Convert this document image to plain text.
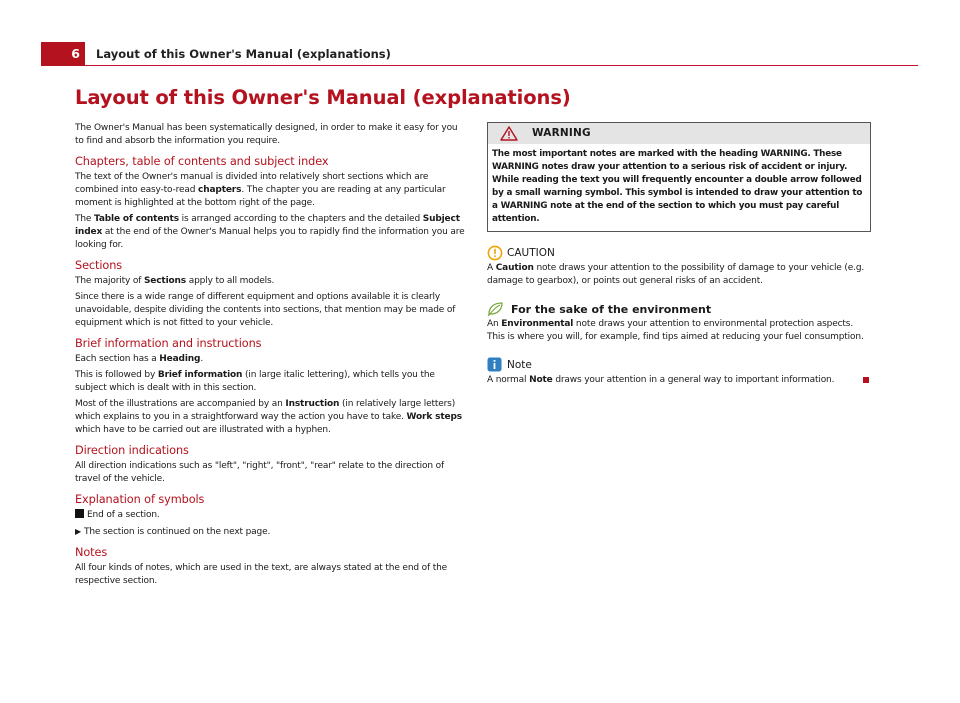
6	Layout of this Owner's Manual (explanations)
Layout of this Owner's Manual (explanations)

The Owner's Manual has been systematically designed, in order to make it easy for you to find and absorb the information you require.

Chapters, table of contents and subject index

The text of the Owner's manual is divided into relatively short sections which are combined into easy-to-read chapters. The chapter you are reading at any particular moment is highlighted at the bottom right of the page.

The Table of contents is arranged according to the chapters and the detailed Subject index at the end of the Owner's Manual helps you to rapidly find the information you are looking for.

Sections

The majority of Sections apply to all models.

Since there is a wide range of different equipment and options available it is clearly unavoidable, despite dividing the contents into sections, that mention may be made of equipment which is not fitted to your vehicle.

Brief information and instructions

Each section has a Heading.

This is followed by Brief information (in large italic lettering), which tells you the subject which is dealt with in this section.

Most of the illustrations are accompanied by an Instruction (in relatively large letters) which explains to you in a straightforward way the action you have to take. Work steps which have to be carried out are illustrated with a hyphen.

Direction indications

All direction indications such as "left", "right", "front", "rear" relate to the direction of travel of the vehicle.

Explanation of symbols

End of a section.

▶ The section is continued on the next page.

Notes

All four kinds of notes, which are used in the text, are always stated at the end of the respective section.

WARNING

The most important notes are marked with the heading WARNING. These WARNING notes draw your attention to a serious risk of accident or injury. While reading the text you will frequently encounter a double arrow followed by a small warning symbol. This symbol is intended to draw your attention to a WARNING note at the end of the section to which you must pay careful attention.

CAUTION

A Caution note draws your attention to the possibility of damage to your vehicle (e.g. damage to gearbox), or points out general risks of an accident.

For the sake of the environment

An Environmental note draws your attention to environmental protection aspects. This is where you will, for example, find tips aimed at reducing your fuel consumption.

Note

A normal Note draws your attention in a general way to important information.
